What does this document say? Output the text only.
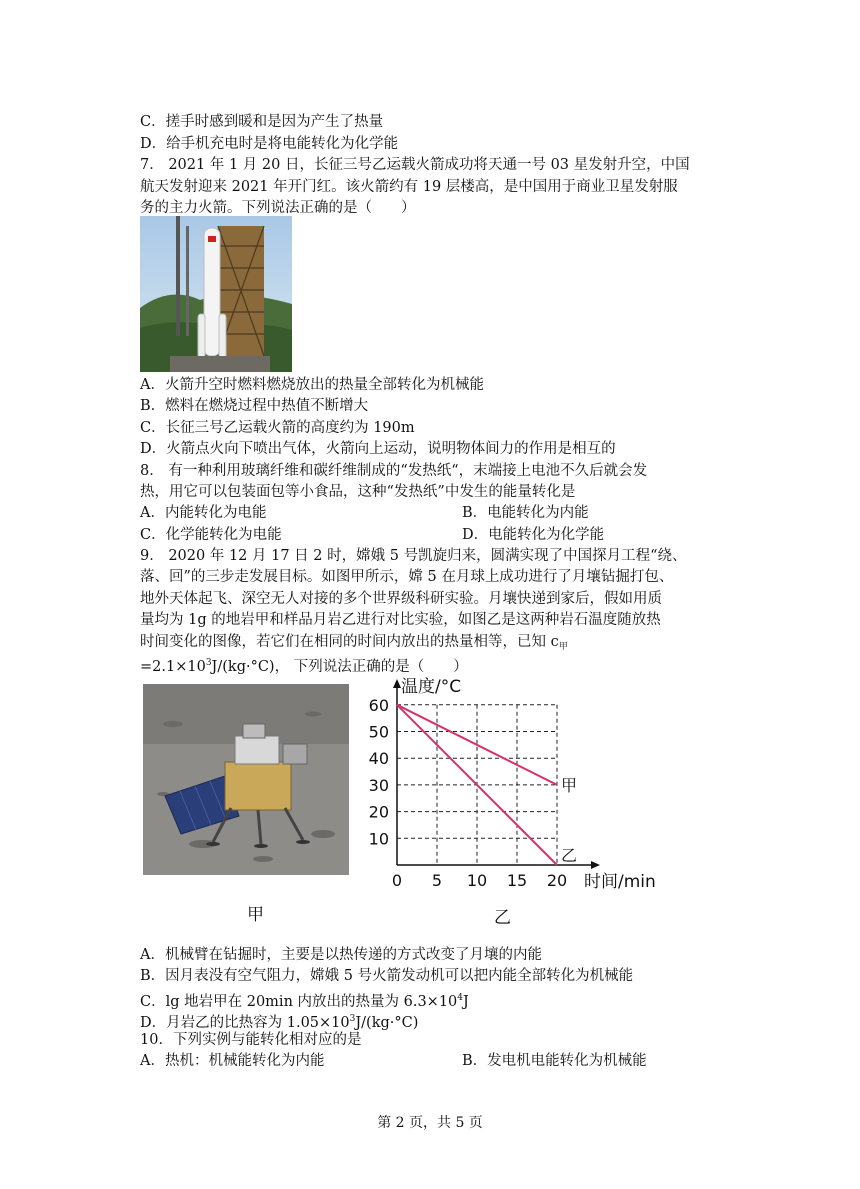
C．搓手时感到暖和是因为产生了热量
D．给手机充电时是将电能转化为化学能
7． 2021 年 1 月 20 日，长征三号乙运载火箭成功将天通一号 03 星发射升空，中国
航天发射迎来 2021 年开门红。该火箭约有 19 层楼高，是中国用于商业卫星发射服
务的主力火箭。下列说法正确的是（　　）
A．火箭升空时燃料燃烧放出的热量全部转化为机械能
B．燃料在燃烧过程中热值不断增大
C．长征三号乙运载火箭的高度约为 190m
D．火箭点火向下喷出气体，火箭向上运动，说明物体间力的作用是相互的
8． 有一种利用玻璃纤维和碳纤维制成的“发热纸“，末端接上电池不久后就会发
热，用它可以包装面包等小食品，这种“发热纸”中发生的能量转化是
A．内能转化为电能	B．电能转化为内能
C．化学能转化为电能	D．电能转化为化学能
9． 2020 年 12 月 17 日 2 时，嫦娥 5 号凯旋归来，圆满实现了中国探月工程“绕、
落、回”的三步走发展目标。如图甲所示，嫦 5 在月球上成功进行了月壤钻掘打包、
地外天体起飞、深空无人对接的多个世界级科研实验。月壤快递到家后，假如用质
量均为 1g 的地岩甲和样品月岩乙进行对比实验，如图乙是这两种岩石温度随放热
时间变化的图像，若它们在相同的时间内放出的热量相等，已知 $c_甲$
$=2.1\times 10^3J/(kg\cdot^\circ C)$， 下列说法正确的是（　　）
甲
乙
0 5 10 15 20
10
20
30
40
50
60
温度/°C
时间/min
甲	乙
A．机械臂在钻掘时，主要是以热传递的方式改变了月壤的内能
B．因月表没有空气阻力，嫦娥 5 号火箭发动机可以把内能全部转化为机械能
C．lg 地岩甲在 20min 内放出的热量为 $6.3\times 10^4J$
D．月岩乙的比热容为 $1.05\times 10^3J/(kg\cdot^\circ C)$
10．下列实例与能转化相对应的是
A．热机：机械能转化为内能	B．发电机电能转化为机械能
第 2 页，共 5 页
